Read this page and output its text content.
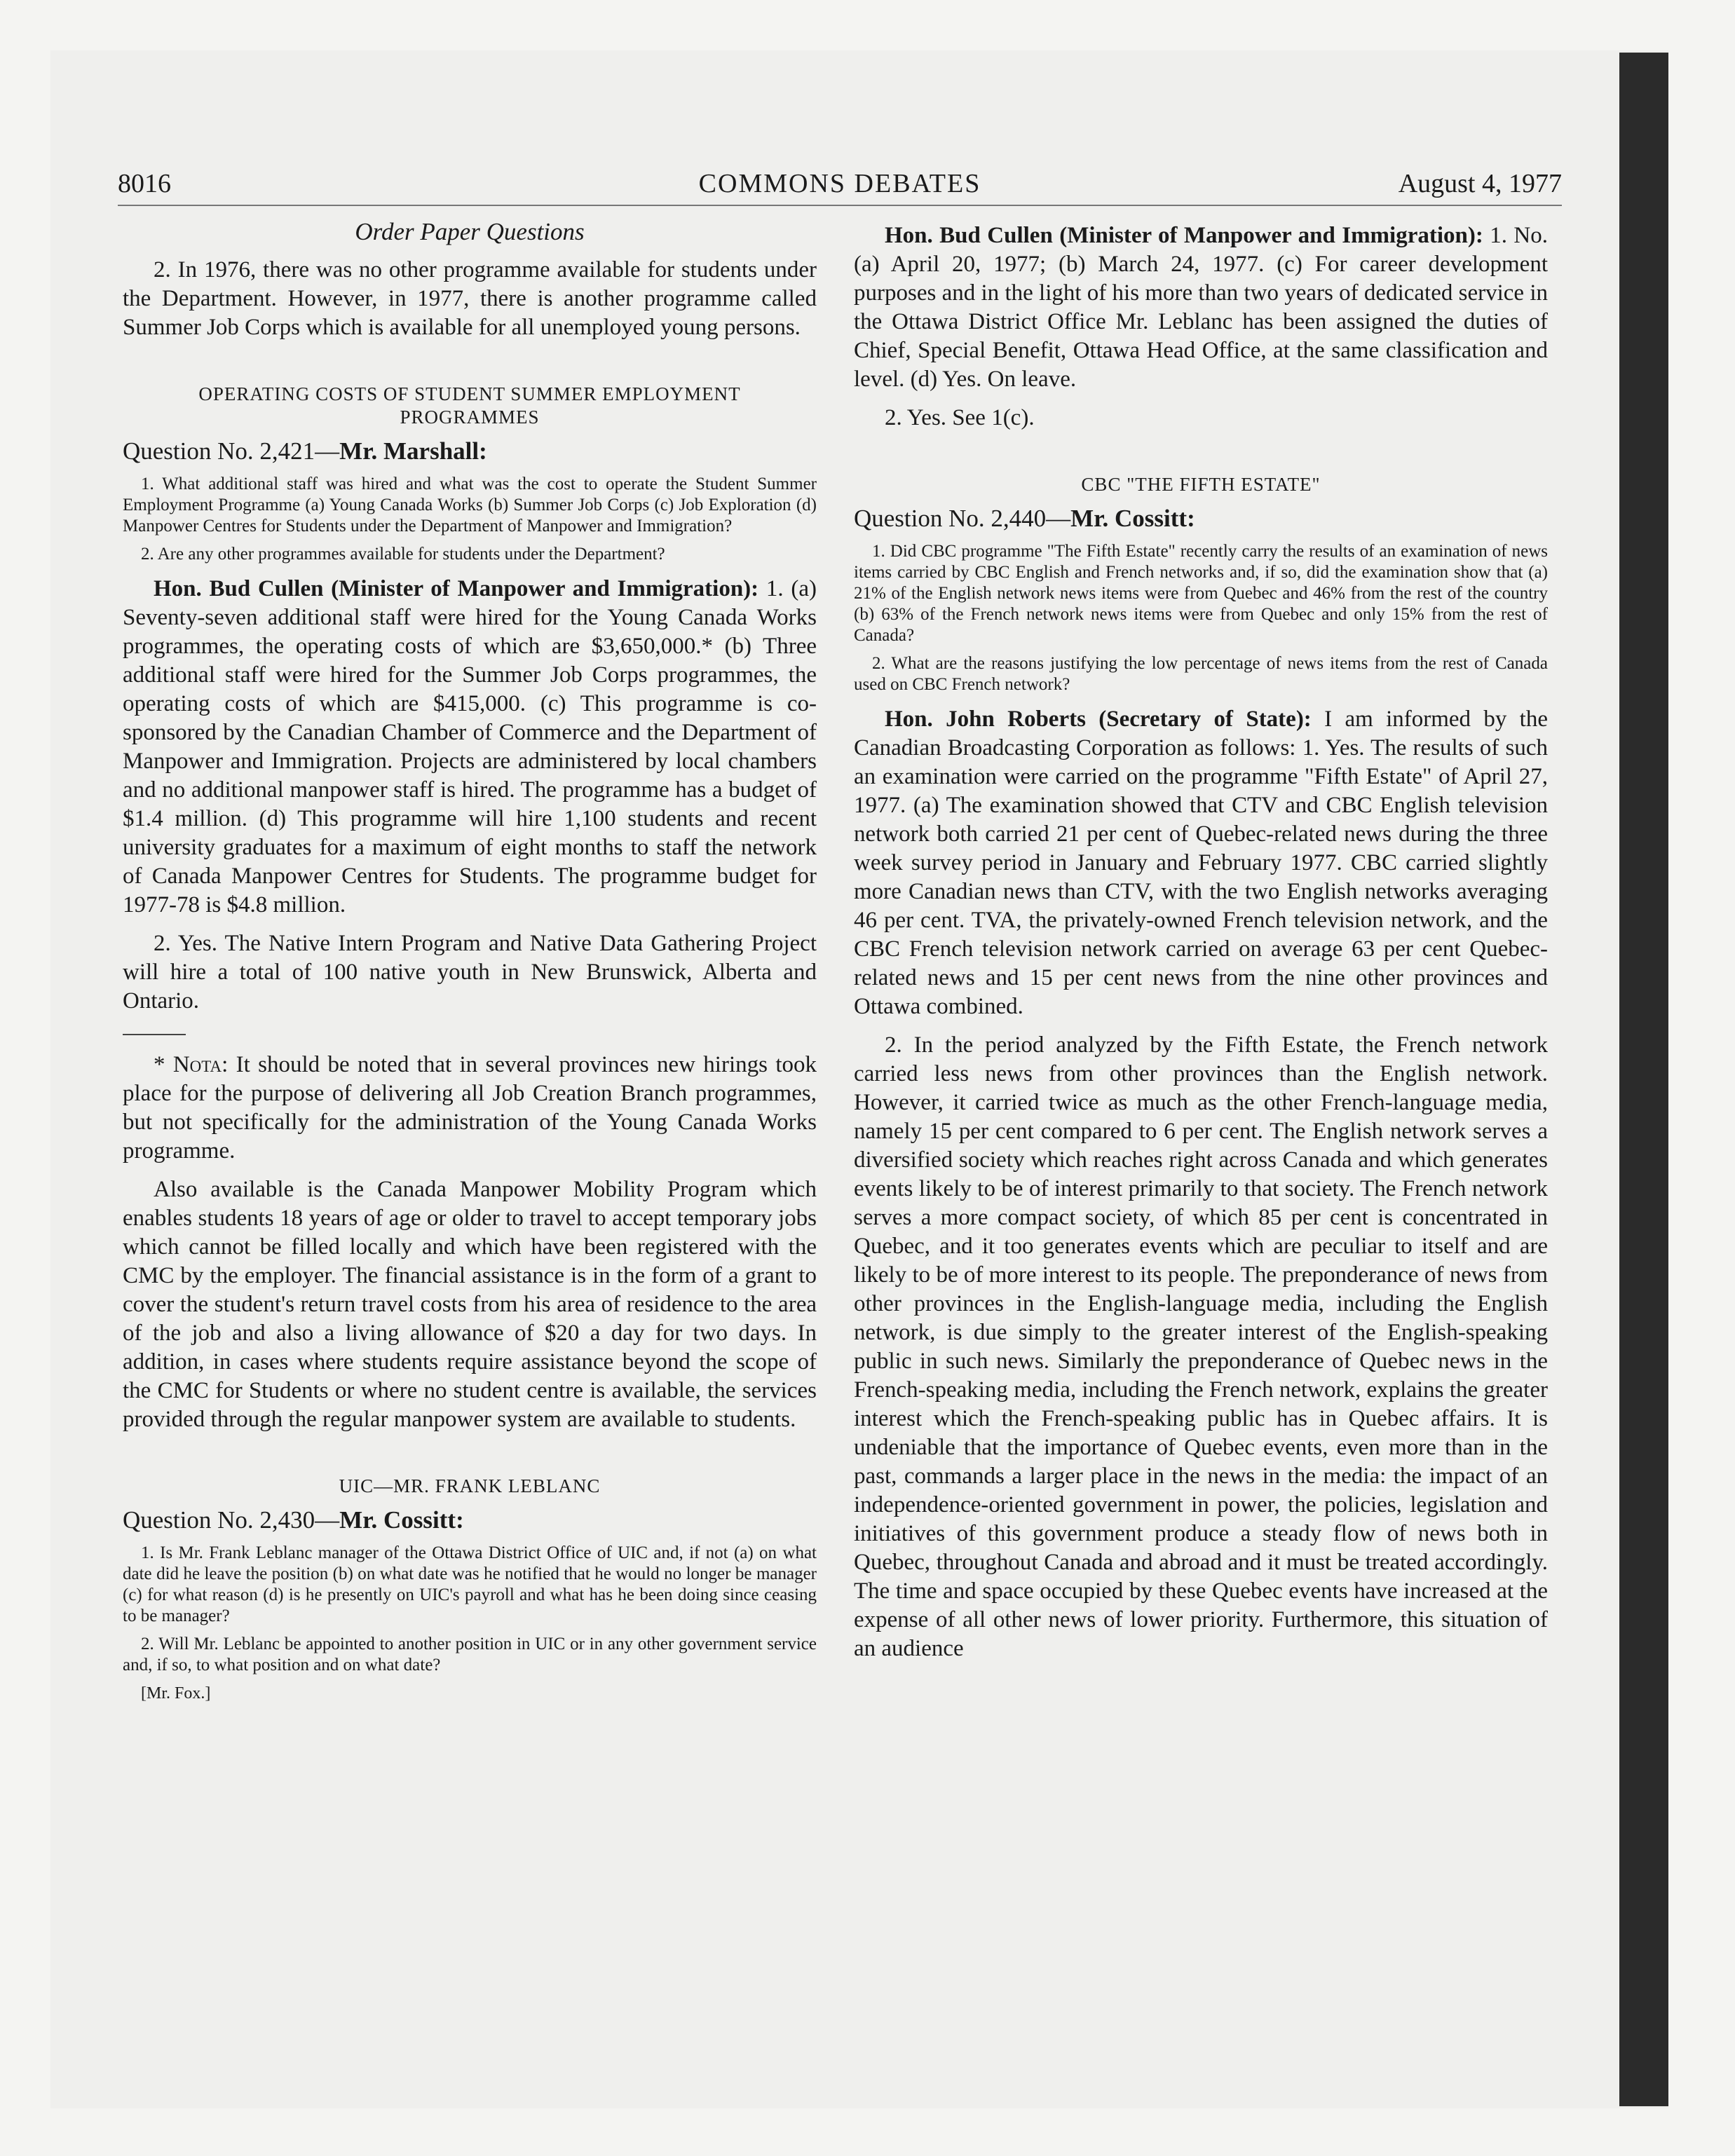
8016	COMMONS DEBATES	August 4, 1977
Order Paper Questions

2. In 1976, there was no other programme available for students under the Department. However, in 1977, there is another programme called Summer Job Corps which is available for all unemployed young persons.

OPERATING COSTS OF STUDENT SUMMER EMPLOYMENT PROGRAMMES
Question No. 2,421—Mr. Marshall:
1. What additional staff was hired and what was the cost to operate the Student Summer Employment Programme (a) Young Canada Works (b) Summer Job Corps (c) Job Exploration (d) Manpower Centres for Students under the Department of Manpower and Immigration?
2. Are any other programmes available for students under the Department?

Hon. Bud Cullen (Minister of Manpower and Immigration): 1. (a) Seventy-seven additional staff were hired for the Young Canada Works programmes, the operating costs of which are $3,650,000.* (b) Three additional staff were hired for the Summer Job Corps programmes, the operating costs of which are $415,000. (c) This programme is co-sponsored by the Canadian Chamber of Commerce and the Department of Manpower and Immigration. Projects are administered by local chambers and no additional manpower staff is hired. The programme has a budget of $1.4 million. (d) This programme will hire 1,100 students and recent university graduates for a maximum of eight months to staff the network of Canada Manpower Centres for Students. The programme budget for 1977-78 is $4.8 million.

2. Yes. The Native Intern Program and Native Data Gathering Project will hire a total of 100 native youth in New Brunswick, Alberta and Ontario.

* Nota: It should be noted that in several provinces new hirings took place for the purpose of delivering all Job Creation Branch programmes, but not specifically for the administration of the Young Canada Works programme.

Also available is the Canada Manpower Mobility Program which enables students 18 years of age or older to travel to accept temporary jobs which cannot be filled locally and which have been registered with the CMC by the employer. The financial assistance is in the form of a grant to cover the student's return travel costs from his area of residence to the area of the job and also a living allowance of $20 a day for two days. In addition, in cases where students require assistance beyond the scope of the CMC for Students or where no student centre is available, the services provided through the regular manpower system are available to students.

UIC—MR. FRANK LEBLANC
Question No. 2,430—Mr. Cossitt:
1. Is Mr. Frank Leblanc manager of the Ottawa District Office of UIC and, if not (a) on what date did he leave the position (b) on what date was he notified that he would no longer be manager (c) for what reason (d) is he presently on UIC's payroll and what has he been doing since ceasing to be manager?
2. Will Mr. Leblanc be appointed to another position in UIC or in any other government service and, if so, to what position and on what date?
[Mr. Fox.]

Hon. Bud Cullen (Minister of Manpower and Immigration): 1. No. (a) April 20, 1977; (b) March 24, 1977. (c) For career development purposes and in the light of his more than two years of dedicated service in the Ottawa District Office Mr. Leblanc has been assigned the duties of Chief, Special Benefit, Ottawa Head Office, at the same classification and level. (d) Yes. On leave.

2. Yes. See 1(c).

CBC "THE FIFTH ESTATE"
Question No. 2,440—Mr. Cossitt:
1. Did CBC programme "The Fifth Estate" recently carry the results of an examination of news items carried by CBC English and French networks and, if so, did the examination show that (a) 21% of the English network news items were from Quebec and 46% from the rest of the country (b) 63% of the French network news items were from Quebec and only 15% from the rest of Canada?
2. What are the reasons justifying the low percentage of news items from the rest of Canada used on CBC French network?

Hon. John Roberts (Secretary of State): I am informed by the Canadian Broadcasting Corporation as follows: 1. Yes. The results of such an examination were carried on the programme "Fifth Estate" of April 27, 1977. (a) The examination showed that CTV and CBC English television network both carried 21 per cent of Quebec-related news during the three week survey period in January and February 1977. CBC carried slightly more Canadian news than CTV, with the two English networks averaging 46 per cent. TVA, the privately-owned French television network, and the CBC French television network carried on average 63 per cent Quebec-related news and 15 per cent news from the nine other provinces and Ottawa combined.

2. In the period analyzed by the Fifth Estate, the French network carried less news from other provinces than the English network. However, it carried twice as much as the other French-language media, namely 15 per cent compared to 6 per cent. The English network serves a diversified society which reaches right across Canada and which generates events likely to be of interest primarily to that society. The French network serves a more compact society, of which 85 per cent is concentrated in Quebec, and it too generates events which are peculiar to itself and are likely to be of more interest to its people. The preponderance of news from other provinces in the English-language media, including the English network, is due simply to the greater interest of the English-speaking public in such news. Similarly the preponderance of Quebec news in the French-speaking media, including the French network, explains the greater interest which the French-speaking public has in Quebec affairs. It is undeniable that the importance of Quebec events, even more than in the past, commands a larger place in the news in the media: the impact of an independence-oriented government in power, the policies, legislation and initiatives of this government produce a steady flow of news both in Quebec, throughout Canada and abroad and it must be treated accordingly. The time and space occupied by these Quebec events have increased at the expense of all other news of lower priority. Furthermore, this situation of an audience
